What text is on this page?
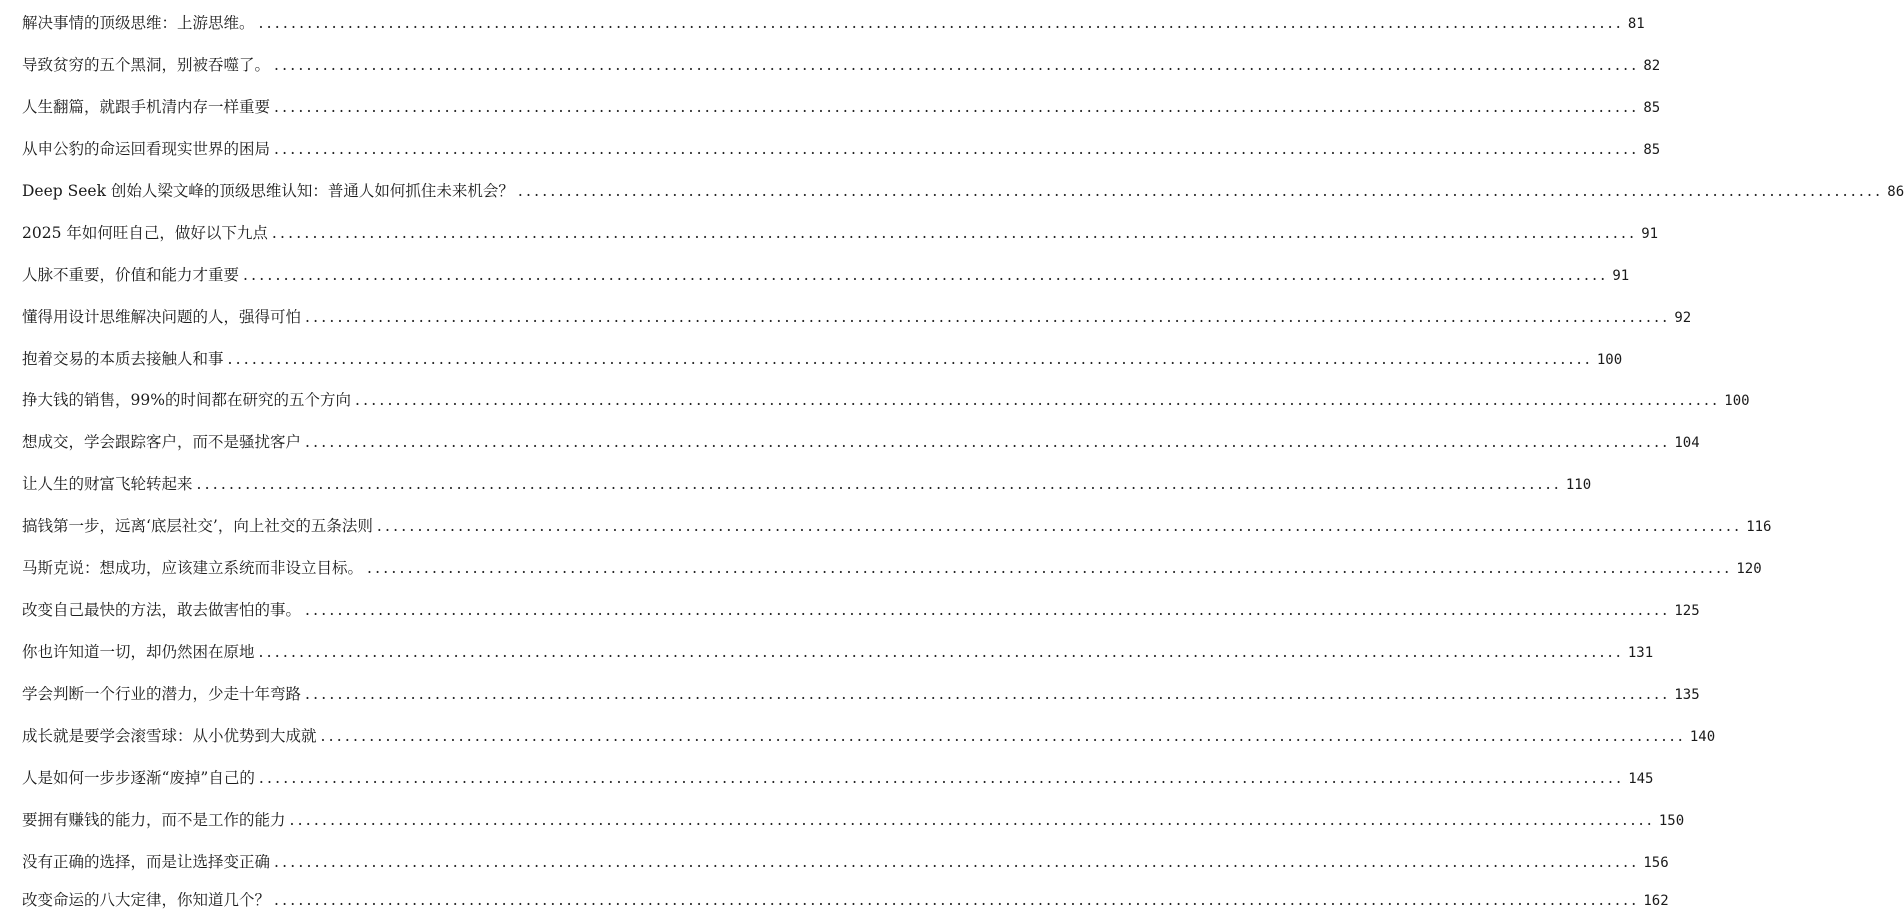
解决事情的顶级思维：上游思维。 .....	81
导致贫穷的五个黑洞，别被吞噬了。 .....	82
人生翻篇，就跟手机清内存一样重要 .....	85
从申公豹的命运回看现实世界的困局 .....	85
Deep Seek 创始人梁文峰的顶级思维认知：普通人如何抓住未来机会？ .....	86
2025 年如何旺自己，做好以下九点 .....	91
人脉不重要，价值和能力才重要 .....	91
懂得用设计思维解决问题的人，强得可怕 .....	92
抱着交易的本质去接触人和事 .....	100
挣大钱的销售，99%的时间都在研究的五个方向 .....	100
想成交，学会跟踪客户，而不是骚扰客户 .....	104
让人生的财富飞轮转起来 .....	110
搞钱第一步，远离‘底层社交’，向上社交的五条法则 .....	116
马斯克说：想成功，应该建立系统而非设立目标。 .....	120
改变自己最快的方法，敢去做害怕的事。 .....	125
你也许知道一切，却仍然困在原地 .....	131
学会判断一个行业的潜力，少走十年弯路 .....	135
成长就是要学会滚雪球：从小优势到大成就 .....	140
人是如何一步步逐渐“废掉”自己的 .....	145
要拥有赚钱的能力，而不是工作的能力 .....	150
没有正确的选择，而是让选择变正确 .....	156
改变命运的八大定律，你知道几个？ .....	162
